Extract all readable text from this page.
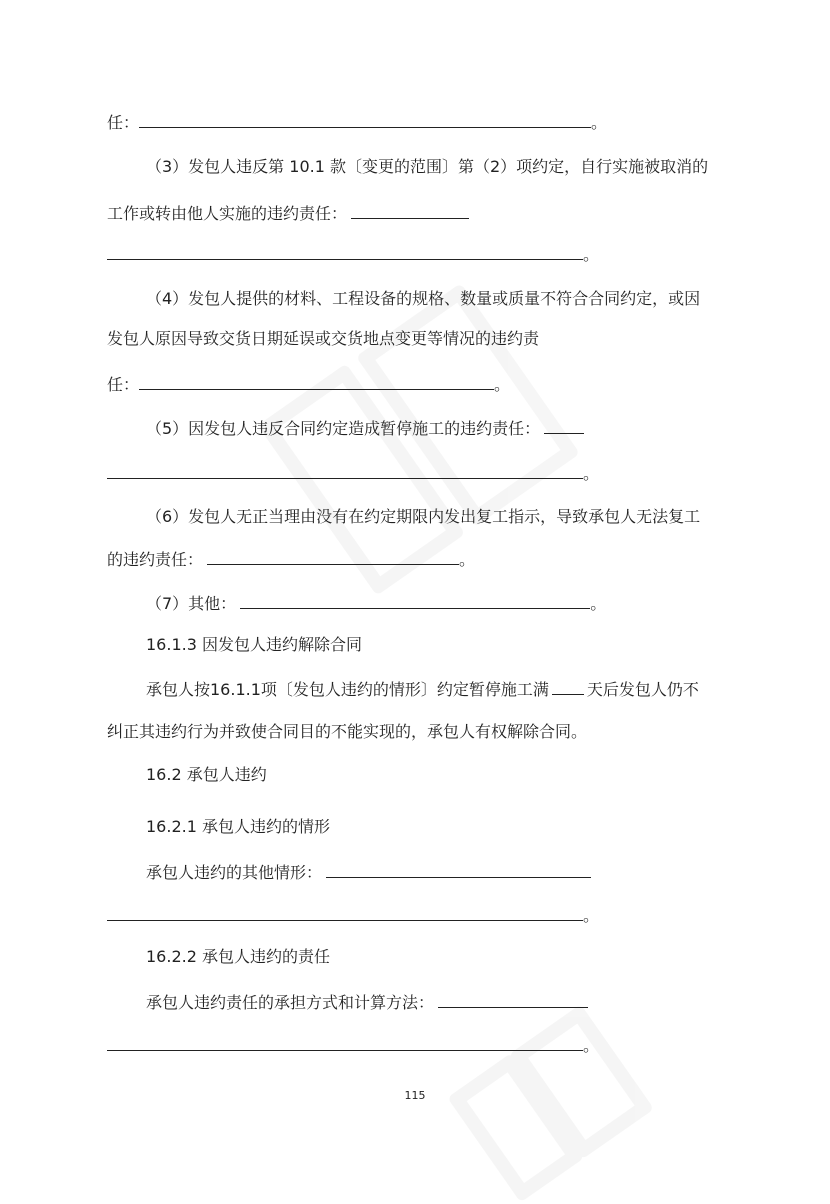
任：	。
（3）发包人违反第 10.1 款〔变更的范围〕第（2）项约定，自行实施被取消的
工作或转由他人实施的违约责任：
。
（4）发包人提供的材料、工程设备的规格、数量或质量不符合合同约定，或因
发包人原因导致交货日期延误或交货地点变更等情况的违约责
任：	。
（5）因发包人违反合同约定造成暂停施工的违约责任：
。
（6）发包人无正当理由没有在约定期限内发出复工指示，导致承包人无法复工
的违约责任：	。
（7）其他：	。
16.1.3 因发包人违约解除合同
承包人按16.1.1项〔发包人违约的情形〕约定暂停施工满 天后发包人仍不
纠正其违约行为并致使合同目的不能实现的，承包人有权解除合同。
16.2 承包人违约
16.2.1 承包人违约的情形
承包人违约的其他情形：
。
16.2.2 承包人违约的责任
承包人违约责任的承担方式和计算方法：
。
115
